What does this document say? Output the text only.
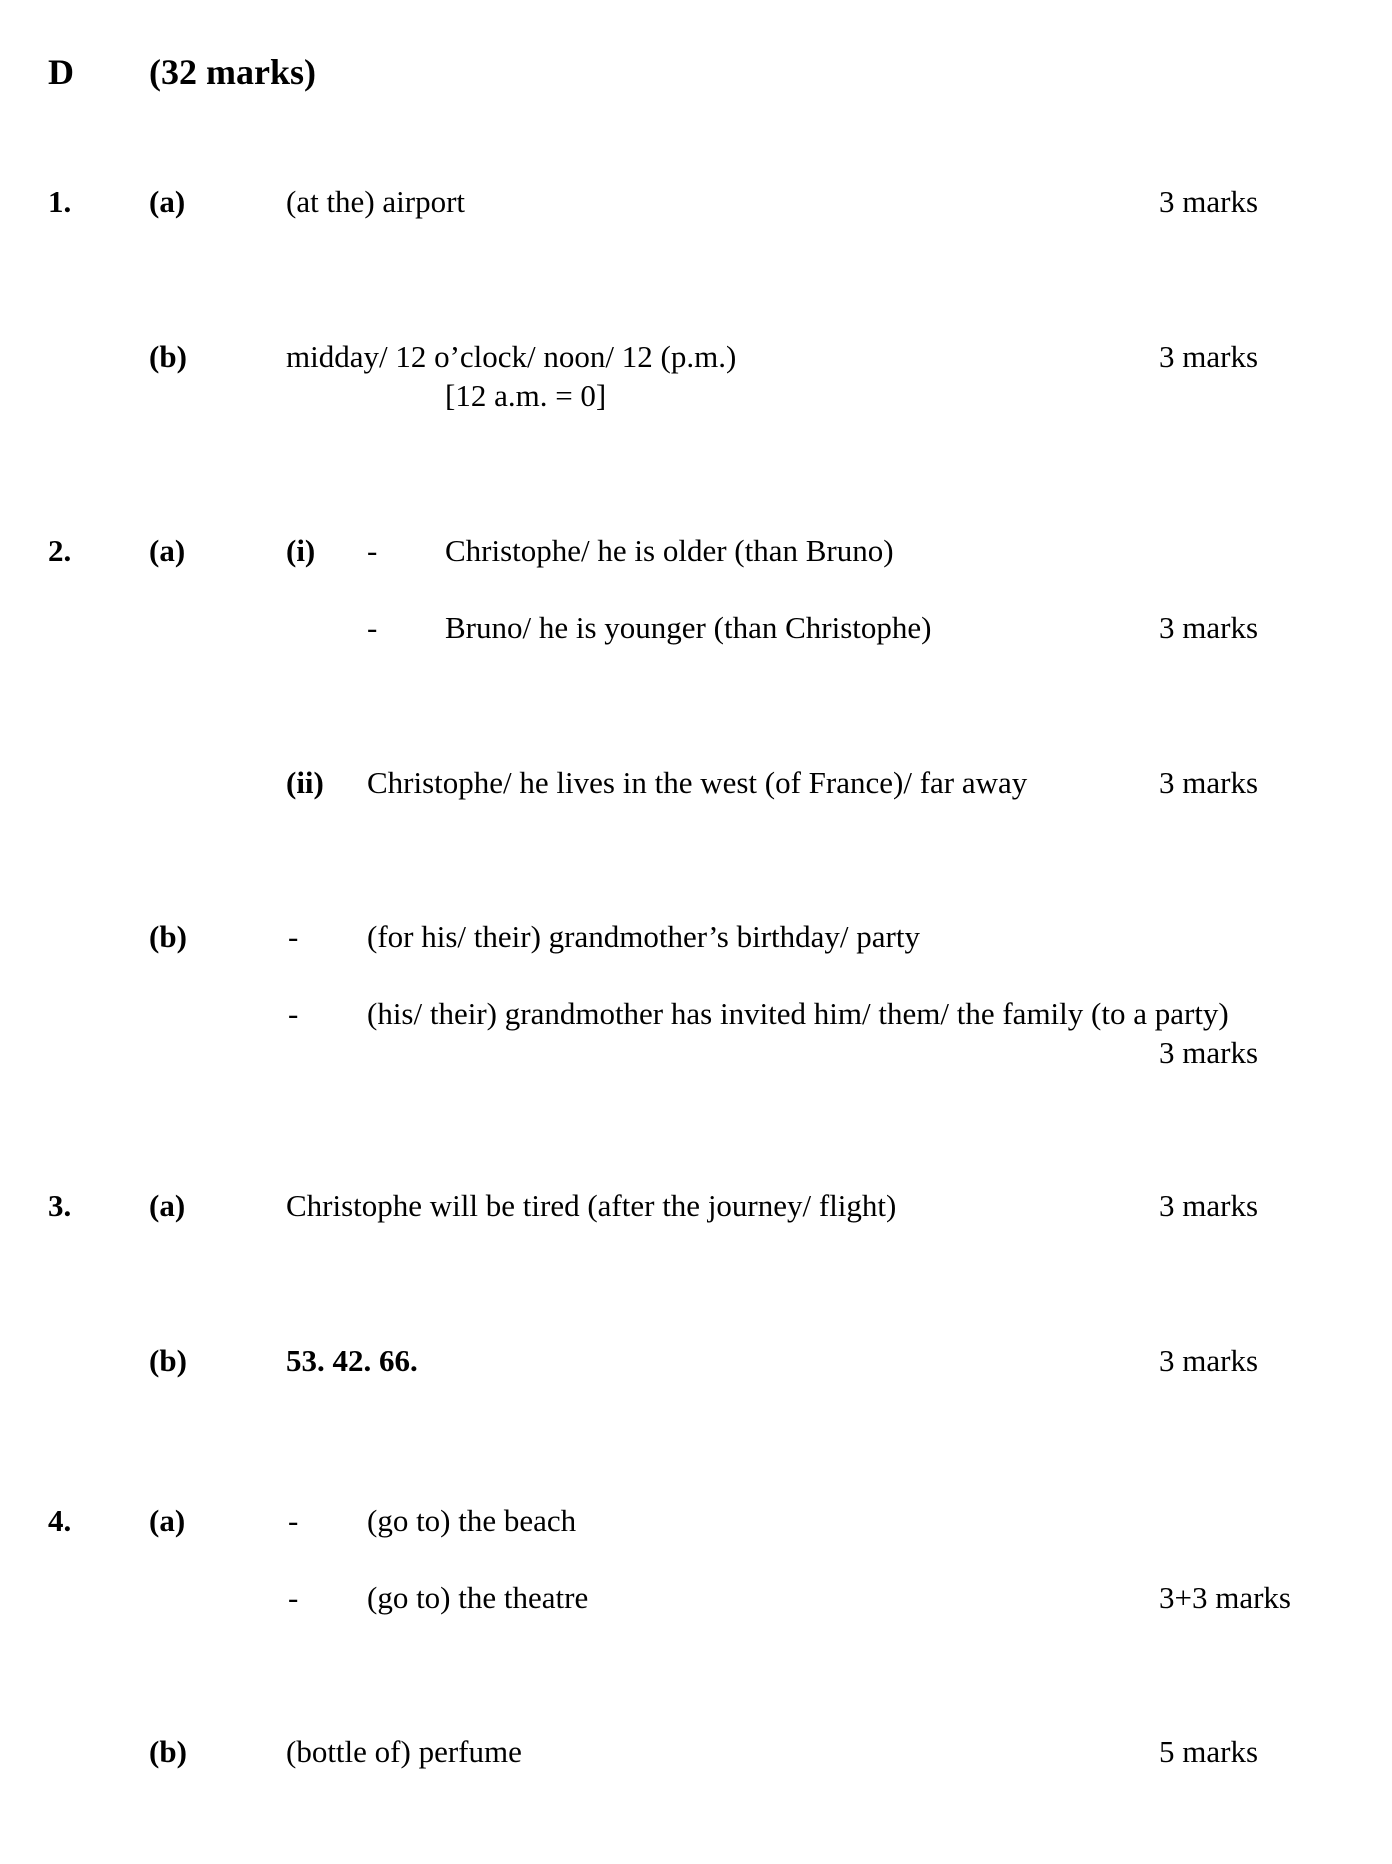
D (32 marks)
1.	(a)	(at the) airport	3 marks
(b)	midday/ 12 o’clock/ noon/ 12 (p.m.)	3 marks
[12 a.m. = 0]
2.	(a)	(i) - Christophe/ he is older (than Bruno)
- Bruno/ he is younger (than Christophe)	3 marks
(ii) Christophe/ he lives in the west (of France)/ far away	3 marks
(b)	- (for his/ their) grandmother’s birthday/ party
- (his/ their) grandmother has invited him/ them/ the family (to a party)
3 marks
3.	(a)	Christophe will be tired (after the journey/ flight)	3 marks
(b)	53. 42. 66.	3 marks
4.	(a)	- (go to) the beach
- (go to) the theatre	3+3 marks
(b)	(bottle of) perfume	5 marks
